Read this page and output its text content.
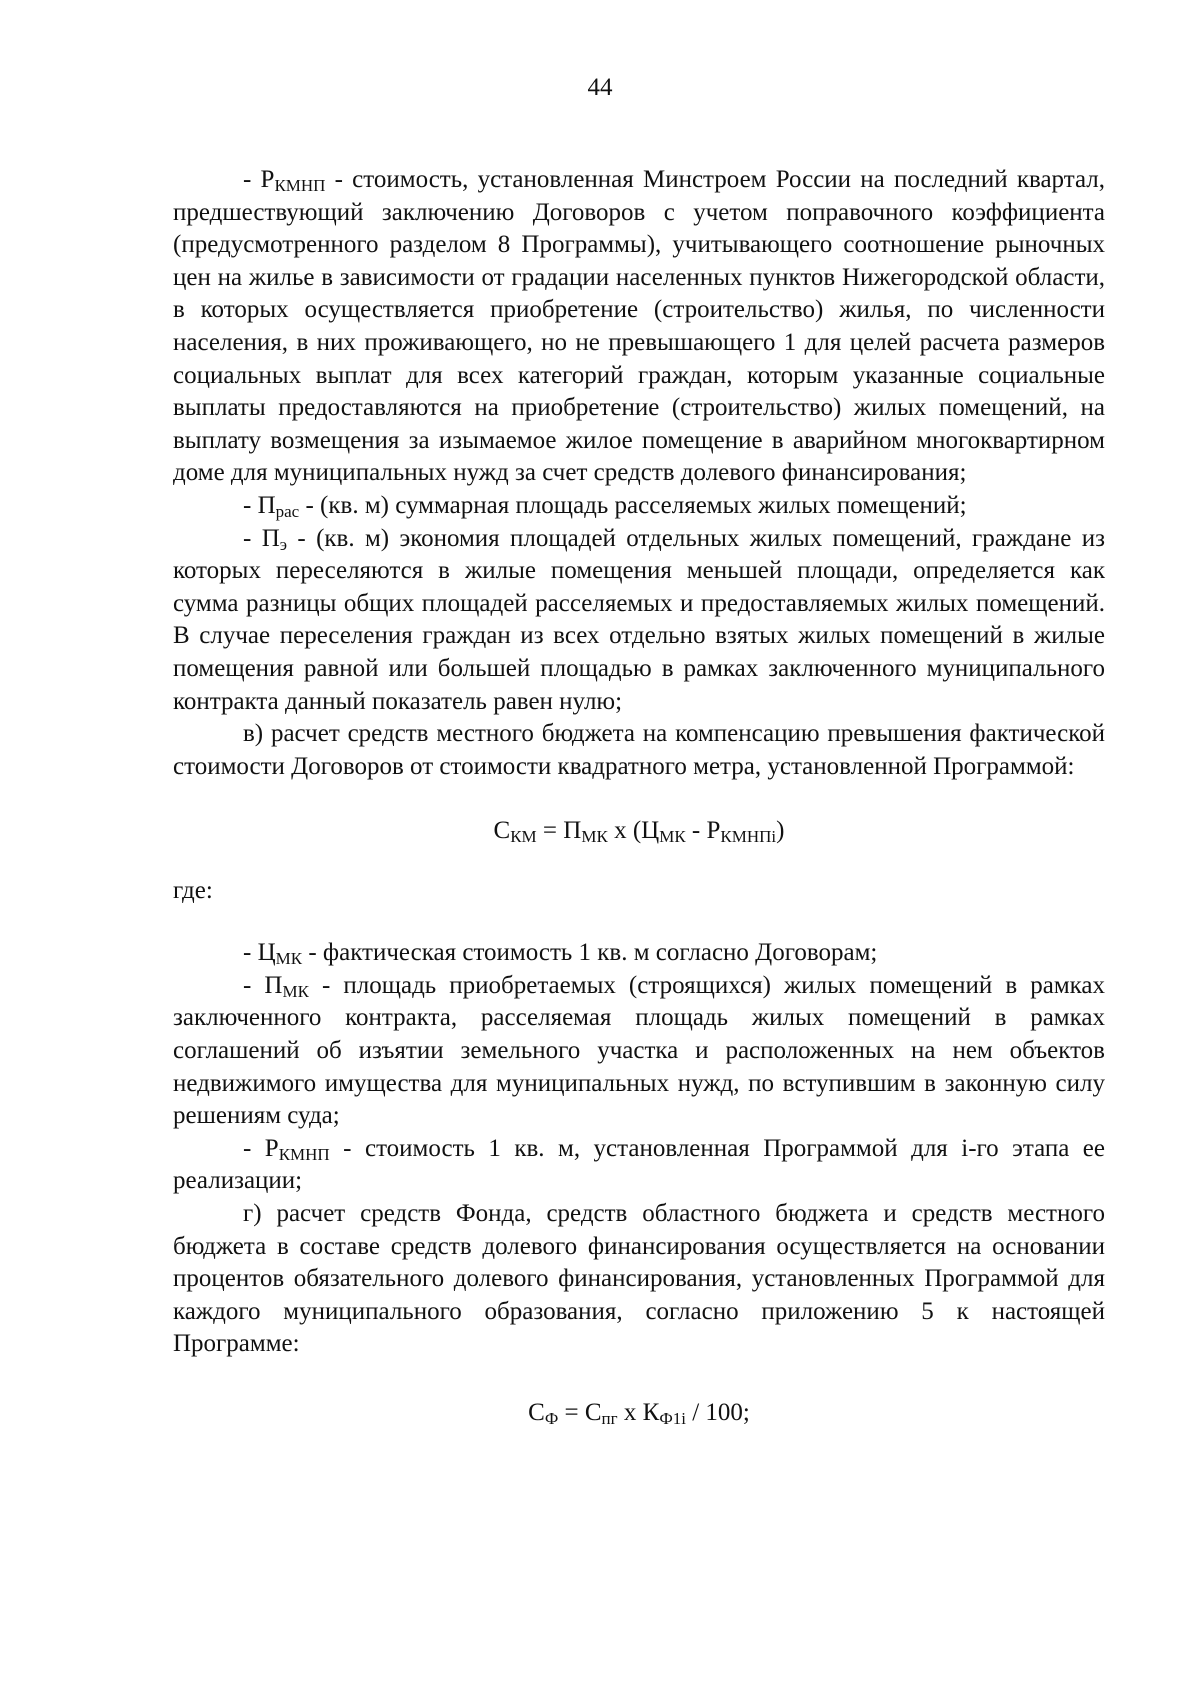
44

- $Р_{КМНП}$ - стоимость, установленная Минстроем России на последний квартал, предшествующий заключению Договоров с учетом поправочного коэффициента (предусмотренного разделом 8 Программы), учитывающего соотношение рыночных цен на жилье в зависимости от градации населенных пунктов Нижегородской области, в которых осуществляется приобретение (строительство) жилья, по численности населения, в них проживающего, но не превышающего 1 для целей расчета размеров социальных выплат для всех категорий граждан, которым указанные социальные выплаты предоставляются на приобретение (строительство) жилых помещений, на выплату возмещения за изымаемое жилое помещение в аварийном многоквартирном доме для муниципальных нужд за счет средств долевого финансирования;

- $П_{рас} - (кв$. м) суммарная площадь расселяемых жилых помещений;

- $П_э - (кв$. м) экономия площадей отдельных жилых помещений, граждане из которых переселяются в жилые помещения меньшей площади, определяется как сумма разницы общих площадей расселяемых и предоставляемых жилых помещений. В случае переселения граждан из всех отдельно взятых жилых помещений в жилые помещения равной или большей площадью в рамках заключенного муниципального контракта данный показатель равен нулю;

в) расчет средств местного бюджета на компенсацию превышения фактической стоимости Договоров от стоимости квадратного метра, установленной Программой:

$С_{КМ} = П_{МК}$ х $(Ц_{МК} - Р_{КМНПi})$

где:

- $Ц_{МК}$ - фактическая стоимость 1 кв. м согласно Договорам;

- $П_{МК}$ - площадь приобретаемых (строящихся) жилых помещений в рамках заключенного контракта, расселяемая площадь жилых помещений в рамках соглашений об изъятии земельного участка и расположенных на нем объектов недвижимого имущества для муниципальных нужд, по вступившим в законную силу решениям суда;

- $Р_{КМНП}$ - стоимость 1 кв. м, установленная Программой для i-го этапа ее реализации;

г) расчет средств Фонда, средств областного бюджета и средств местного бюджета в составе средств долевого финансирования осуществляется на основании процентов обязательного долевого финансирования, установленных Программой для каждого муниципального образования, согласно приложению 5 к настоящей Программе:

$С_Ф = С_{пг}$ х $К_{Ф1i} / 100$;
